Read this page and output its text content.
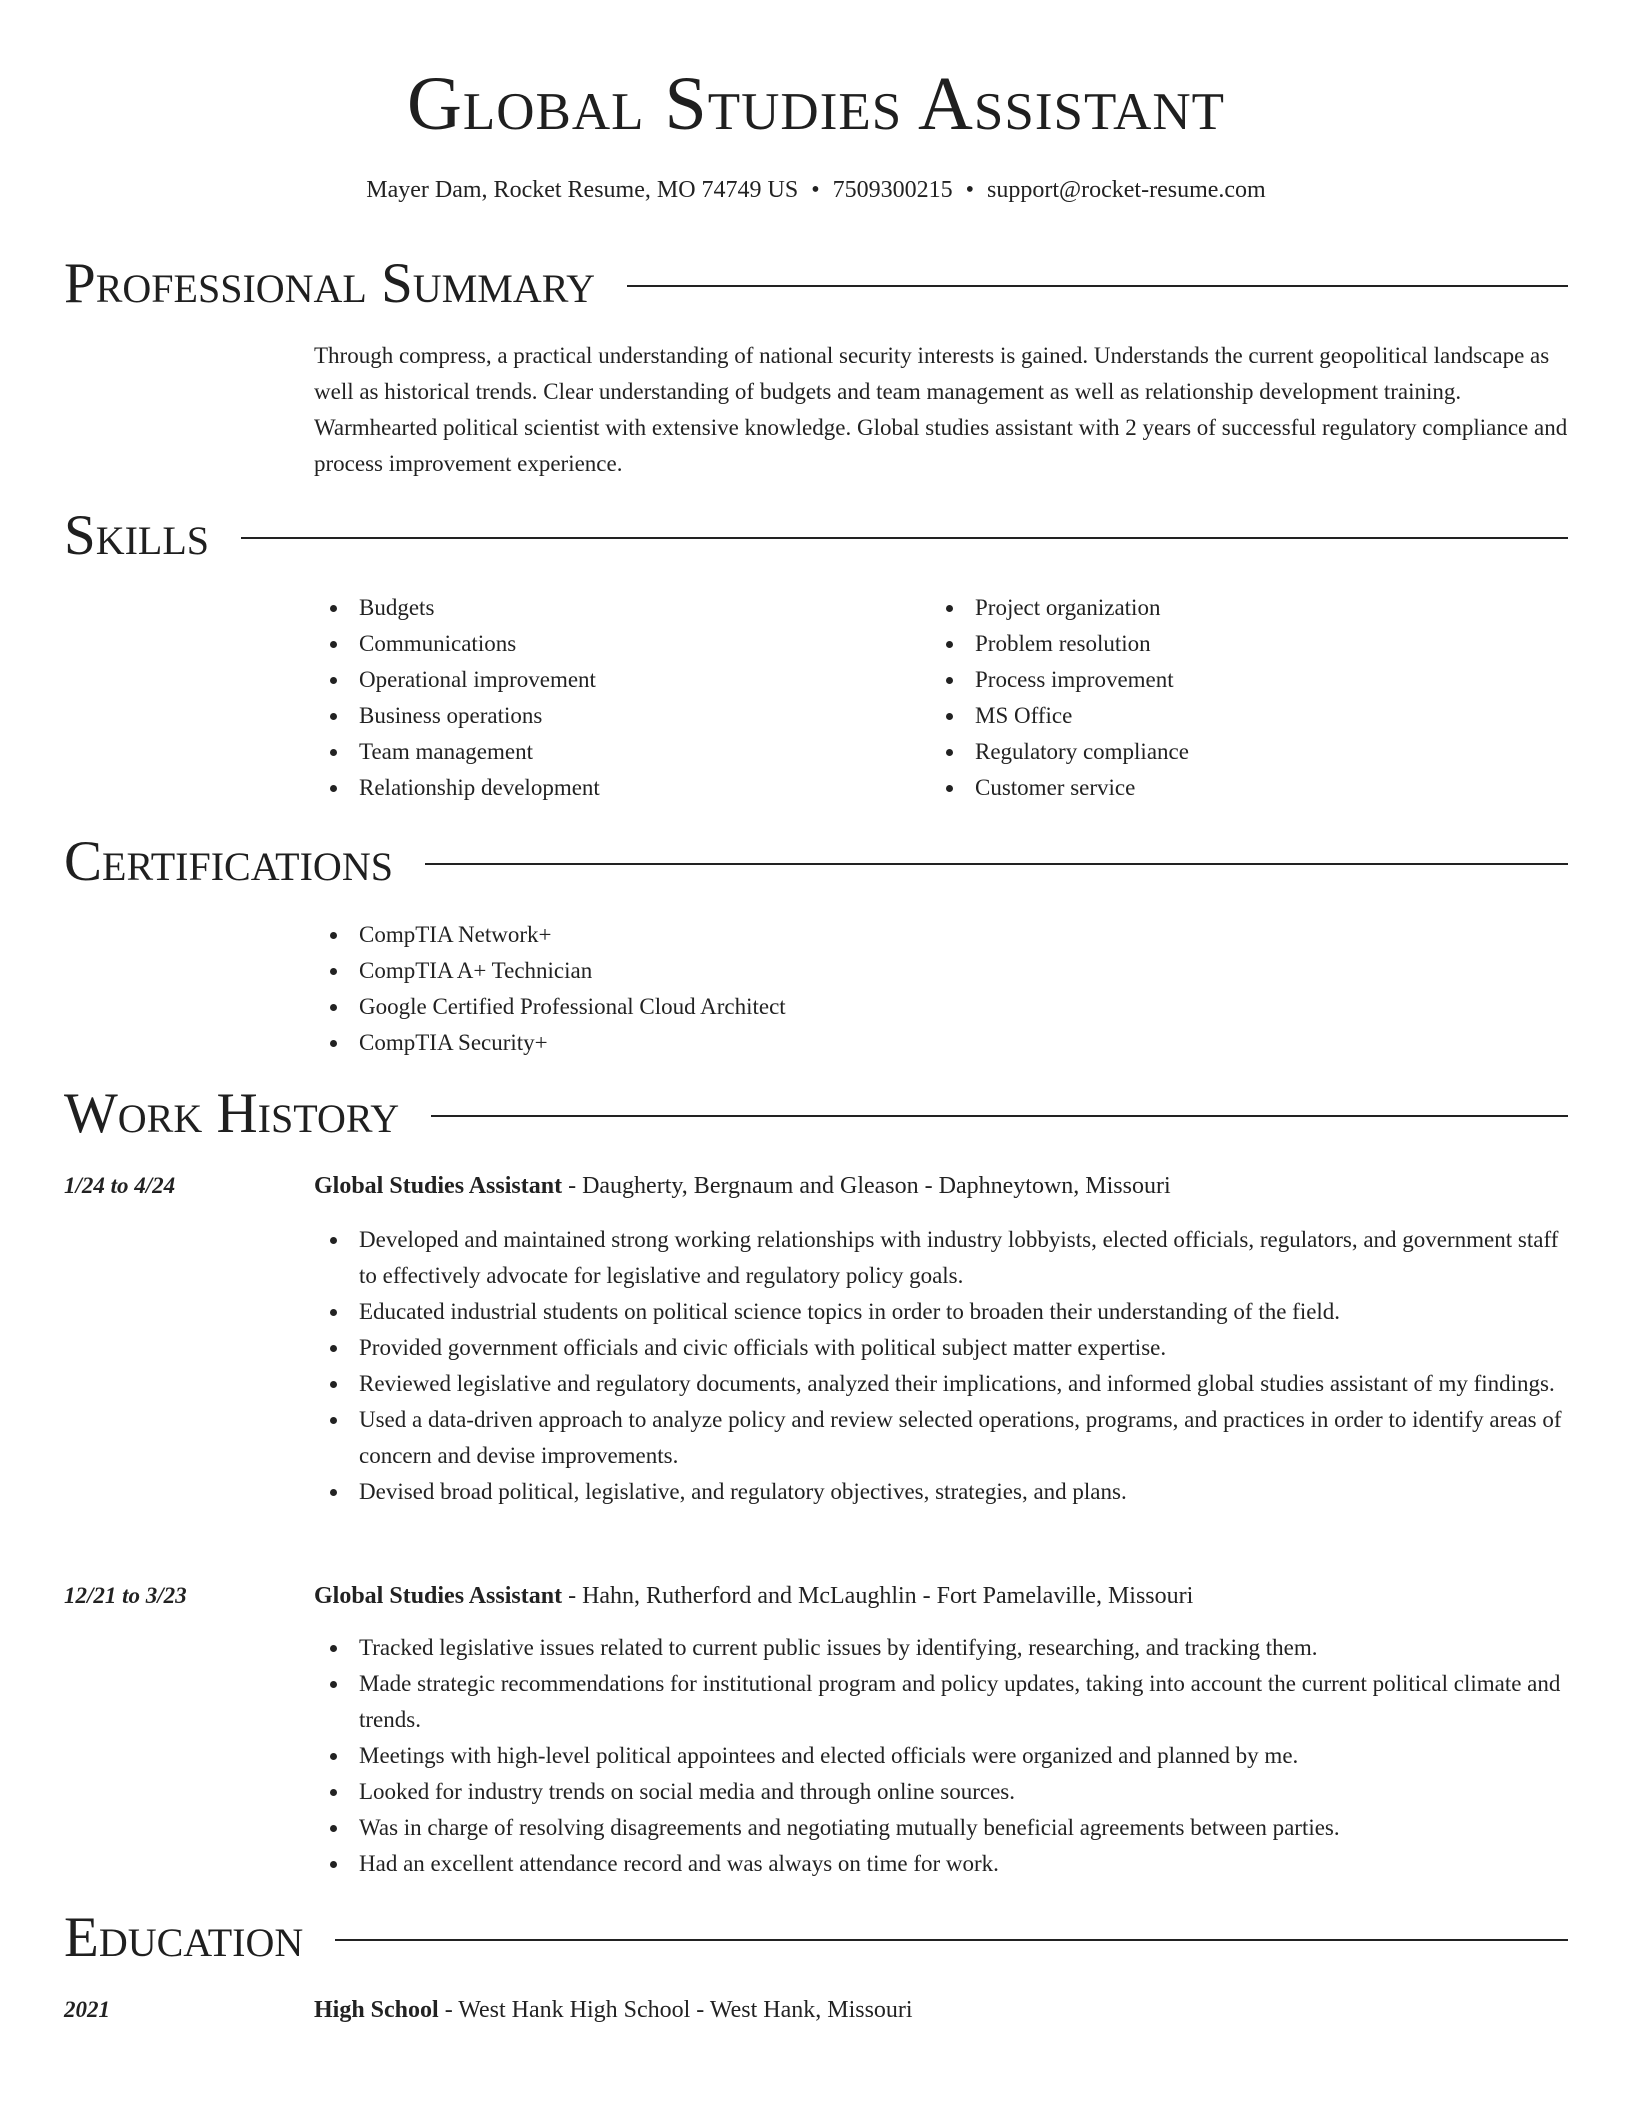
Global Studies Assistant
Mayer Dam, Rocket Resume, MO 74749 US • 7509300215 • support@rocket-resume.com
Professional Summary
Through compress, a practical understanding of national security interests is gained. Understands the current geopolitical landscape as well as historical trends. Clear understanding of budgets and team management as well as relationship development training. Warmhearted political scientist with extensive knowledge. Global studies assistant with 2 years of successful regulatory compliance and process improvement experience.
Skills
Budgets
Communications
Operational improvement
Business operations
Team management
Relationship development
Project organization
Problem resolution
Process improvement
MS Office
Regulatory compliance
Customer service
Certifications
CompTIA Network+
CompTIA A+ Technician
Google Certified Professional Cloud Architect
CompTIA Security+
Work History
1/24 to 4/24	Global Studies Assistant - Daugherty, Bergnaum and Gleason - Daphneytown, Missouri
Developed and maintained strong working relationships with industry lobbyists, elected officials, regulators, and government staff to effectively advocate for legislative and regulatory policy goals.
Educated industrial students on political science topics in order to broaden their understanding of the field.
Provided government officials and civic officials with political subject matter expertise.
Reviewed legislative and regulatory documents, analyzed their implications, and informed global studies assistant of my findings.
Used a data-driven approach to analyze policy and review selected operations, programs, and practices in order to identify areas of concern and devise improvements.
Devised broad political, legislative, and regulatory objectives, strategies, and plans.
12/21 to 3/23	Global Studies Assistant - Hahn, Rutherford and McLaughlin - Fort Pamelaville, Missouri
Tracked legislative issues related to current public issues by identifying, researching, and tracking them.
Made strategic recommendations for institutional program and policy updates, taking into account the current political climate and trends.
Meetings with high-level political appointees and elected officials were organized and planned by me.
Looked for industry trends on social media and through online sources.
Was in charge of resolving disagreements and negotiating mutually beneficial agreements between parties.
Had an excellent attendance record and was always on time for work.
Education
2021	High School - West Hank High School - West Hank, Missouri
